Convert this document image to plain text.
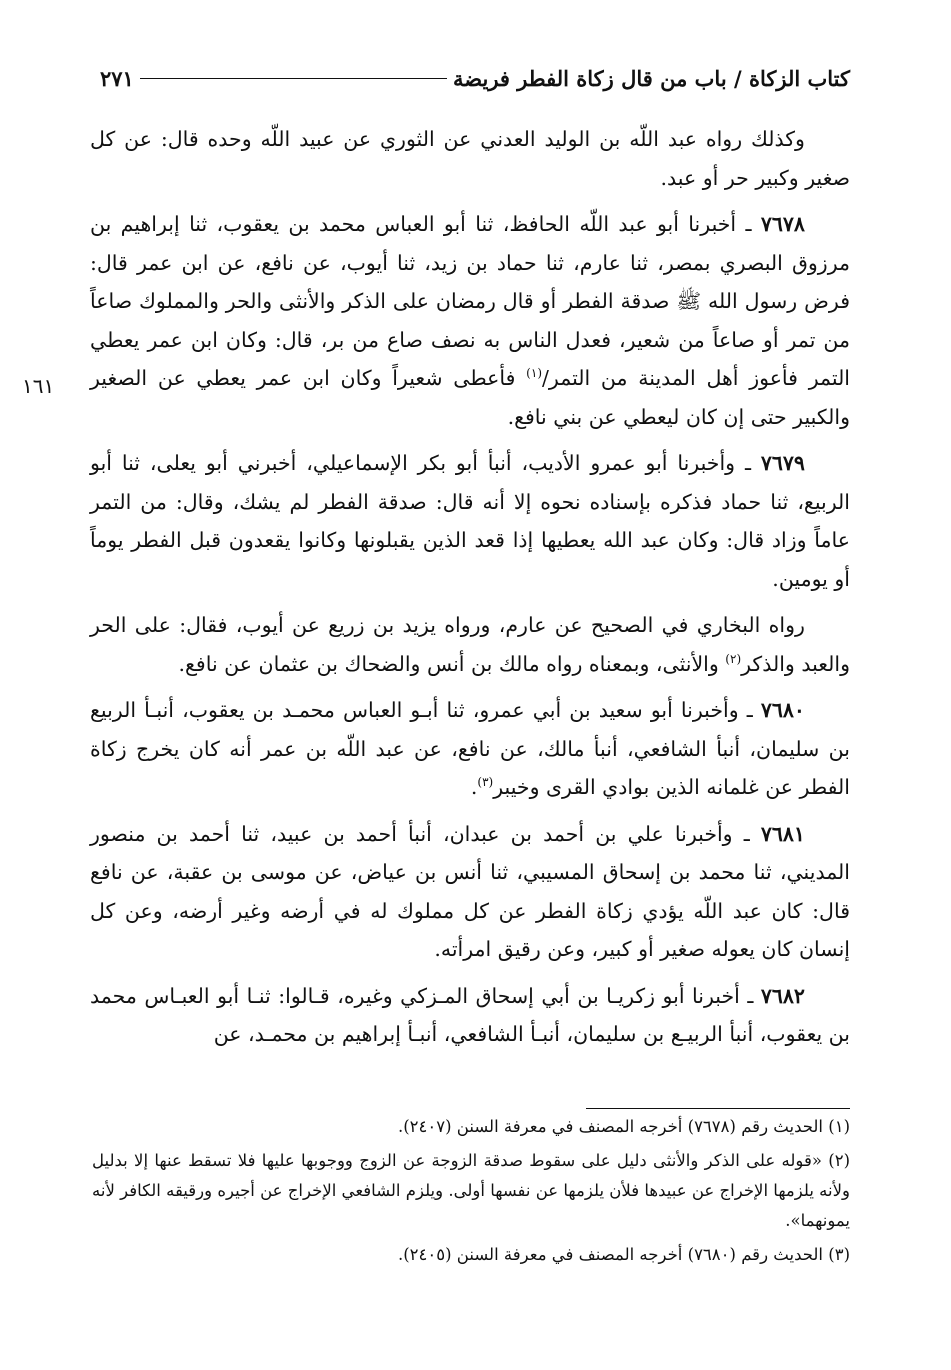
كتاب الزكاة / باب من قال زكاة الفطر فريضة
٢٧١
١٦١

وكذلك رواه عبد اللّه بن الوليد العدني عن الثوري عن عبيد اللّه وحده قال: عن كل صغير وكبير حر أو عبد.

٧٦٧٨ ـ أخبرنا أبو عبد اللّه الحافظ، ثنا أبو العباس محمد بن يعقوب، ثنا إبراهيم بن مرزوق البصري بمصر، ثنا عارم، ثنا حماد بن زيد، ثنا أيوب، عن نافع، عن ابن عمر قال: فرض رسول الله ﷺ صدقة الفطر أو قال رمضان على الذكر والأنثى والحر والمملوك صاعاً من تمر أو صاعاً من شعير، فعدل الناس به نصف صاع من بر، قال: وكان ابن عمر يعطي التمر فأعوز أهل المدينة من التمر/$^{(١)}$ فأعطى شعيراً وكان ابن عمر يعطي عن الصغير والكبير حتى إن كان ليعطي عن بني نافع.

٧٦٧٩ ـ وأخبرنا أبو عمرو الأديب، أنبأ أبو بكر الإسماعيلي، أخبرني أبو يعلى، ثنا أبو الربيع، ثنا حماد فذكره بإسناده نحوه إلا أنه قال: صدقة الفطر لم يشك، وقال: من التمر عاماً وزاد قال: وكان عبد الله يعطيها إذا قعد الذين يقبلونها وكانوا يقعدون قبل الفطر يوماً أو يومين.

رواه البخاري في الصحيح عن عارم، ورواه يزيد بن زريع عن أيوب، فقال: على الحر والعبد والذكر$^{(٢)}$ والأنثى، وبمعناه رواه مالك بن أنس والضحاك بن عثمان عن نافع.

٧٦٨٠ ـ وأخبرنا أبو سعيد بن أبي عمرو، ثنا أبـو العباس محمـد بن يعقوب، أنبـأ الربيع بن سليمان، أنبأ الشافعي، أنبأ مالك، عن نافع، عن عبد اللّه بن عمر أنه كان يخرج زكاة الفطر عن غلمانه الذين بوادي القرى وخيبر$^{(٣)}$.

٧٦٨١ ـ وأخبرنا علي بن أحمد بن عبدان، أنبأ أحمد بن عبيد، ثنا أحمد بن منصور المديني، ثنا محمد بن إسحاق المسيبي، ثنا أنس بن عياض، عن موسى بن عقبة، عن نافع قال: كان عبد اللّه يؤدي زكاة الفطر عن كل مملوك له في أرضه وغير أرضه، وعن كل إنسان كان يعوله صغير أو كبير، وعن رقيق امرأته.

٧٦٨٢ ـ أخبرنا أبو زكريـا بن أبي إسحاق المـزكي وغيره، قـالوا: ثنـا أبو العبـاس محمد بن يعقوب، أنبأ الربيـع بن سليمان، أنبـأ الشافعي، أنبـأ إبراهيم بن محمـد، عن

(١) الحديث رقم (٧٦٧٨) أخرجه المصنف في معرفة السنن (٢٤٠٧).

(٢) «قوله على الذكر والأنثى دليل على سقوط صدقة الزوجة عن الزوج ووجوبها عليها فلا تسقط عنها إلا بدليل ولأنه يلزمها الإخراج عن عبيدها فلأن يلزمها عن نفسها أولى. ويلزم الشافعي الإخراج عن أجيره ورقيقه الكافر لأنه يمونهما».

(٣) الحديث رقم (٧٦٨٠) أخرجه المصنف في معرفة السنن (٢٤٠٥).
